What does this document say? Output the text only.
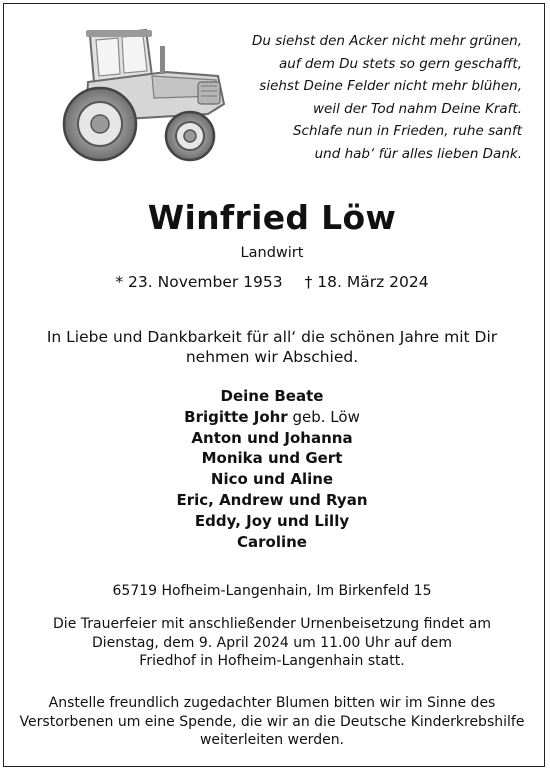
Du siehst den Acker nicht mehr grünen,
auf dem Du stets so gern geschafft,
siehst Deine Felder nicht mehr blühen,
weil der Tod nahm Deine Kraft.
Schlafe nun in Frieden, ruhe sanft
und hab‘ für alles lieben Dank.
Winfried Löw
Landwirt
* 23. November 1953 † 18. März 2024
In Liebe und Dankbarkeit für all‘ die schönen Jahre mit Dir
nehmen wir Abschied.
Deine Beate
Brigitte Johr geb. Löw
Anton und Johanna
Monika und Gert
Nico und Aline
Eric, Andrew und Ryan
Eddy, Joy und Lilly
Caroline
65719 Hofheim-Langenhain, Im Birkenfeld 15
Die Trauerfeier mit anschließender Urnenbeisetzung findet am
Dienstag, dem 9. April 2024 um 11.00 Uhr auf dem
Friedhof in Hofheim-Langenhain statt.
Anstelle freundlich zugedachter Blumen bitten wir im Sinne des
Verstorbenen um eine Spende, die wir an die Deutsche Kinderkrebshilfe
weiterleiten werden.
